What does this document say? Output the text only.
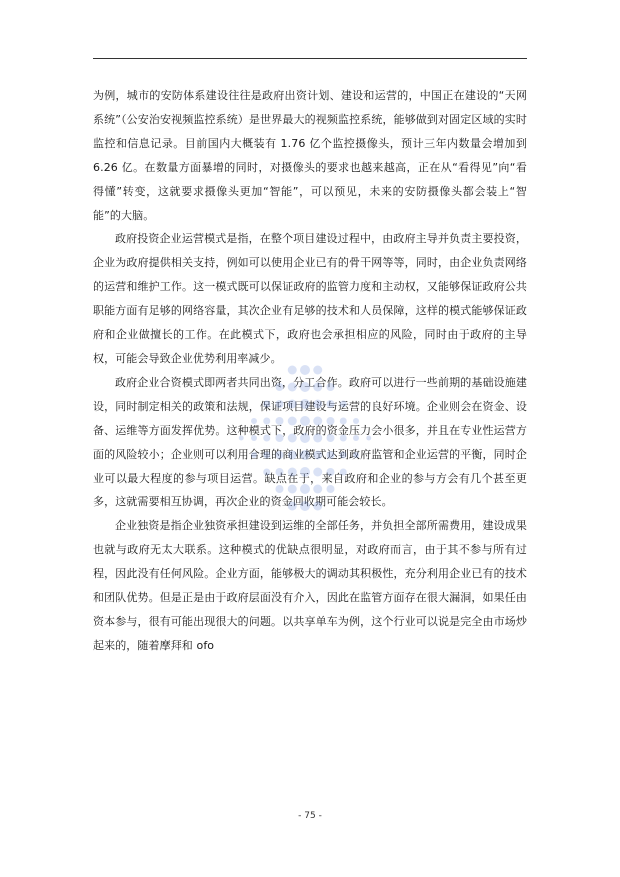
为例，城市的安防体系建设往往是政府出资计划、建设和运营的，中国正在建设的“天网系统”（公安治安视频监控系统）是世界最大的视频监控系统，能够做到对固定区域的实时监控和信息记录。目前国内大概装有 1.76 亿个监控摄像头，预计三年内数量会增加到 6.26 亿。在数量方面暴增的同时，对摄像头的要求也越来越高，正在从“看得见”向“看得懂”转变，这就要求摄像头更加“智能”，可以预见，未来的安防摄像头都会装上“智能”的大脑。

政府投资企业运营模式是指，在整个项目建设过程中，由政府主导并负责主要投资，企业为政府提供相关支持，例如可以使用企业已有的骨干网等等，同时，由企业负责网络的运营和维护工作。这一模式既可以保证政府的监管力度和主动权，又能够保证政府公共职能方面有足够的网络容量，其次企业有足够的技术和人员保障，这样的模式能够保证政府和企业做擅长的工作。在此模式下，政府也会承担相应的风险，同时由于政府的主导权，可能会导致企业优势利用率减少。

政府企业合资模式即两者共同出资，分工合作。政府可以进行一些前期的基础设施建设，同时制定相关的政策和法规，保证项目建设与运营的良好环境。企业则会在资金、设备、运维等方面发挥优势。这种模式下，政府的资金压力会小很多，并且在专业性运营方面的风险较小；企业则可以利用合理的商业模式达到政府监管和企业运营的平衡，同时企业可以最大程度的参与项目运营。缺点在于，来自政府和企业的参与方会有几个甚至更多，这就需要相互协调，再次企业的资金回收期可能会较长。

企业独资是指企业独资承担建设到运维的全部任务，并负担全部所需费用，建设成果也就与政府无太大联系。这种模式的优缺点很明显，对政府而言，由于其不参与所有过程，因此没有任何风险。企业方面，能够极大的调动其积极性，充分利用企业已有的技术和团队优势。但是正是由于政府层面没有介入，因此在监管方面存在很大漏洞，如果任由资本参与，很有可能出现很大的问题。以共享单车为例，这个行业可以说是完全由市场炒起来的，随着摩拜和 ofo

- 75 -
